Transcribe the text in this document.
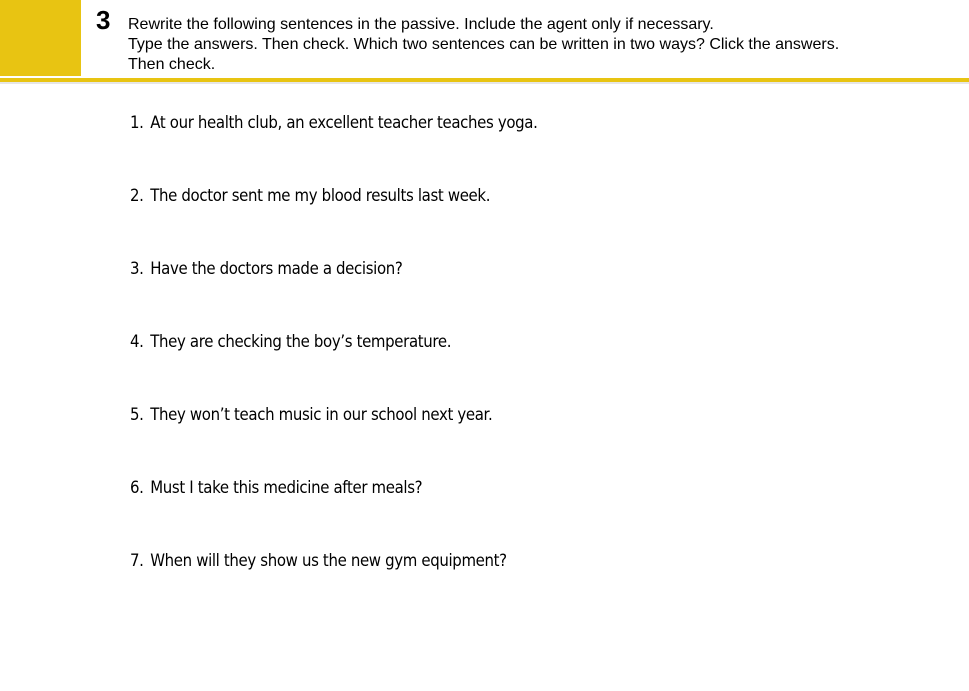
3 Rewrite the following sentences in the passive. Include the agent only if necessary.
Type the answers. Then check. Which two sentences can be written in two ways? Click the answers.
Then check.
1. At our health club, an excellent teacher teaches yoga.
2. The doctor sent me my blood results last week.
3. Have the doctors made a decision?
4. They are checking the boy’s temperature.
5. They won’t teach music in our school next year.
6. Must I take this medicine after meals?
7. When will they show us the new gym equipment?
